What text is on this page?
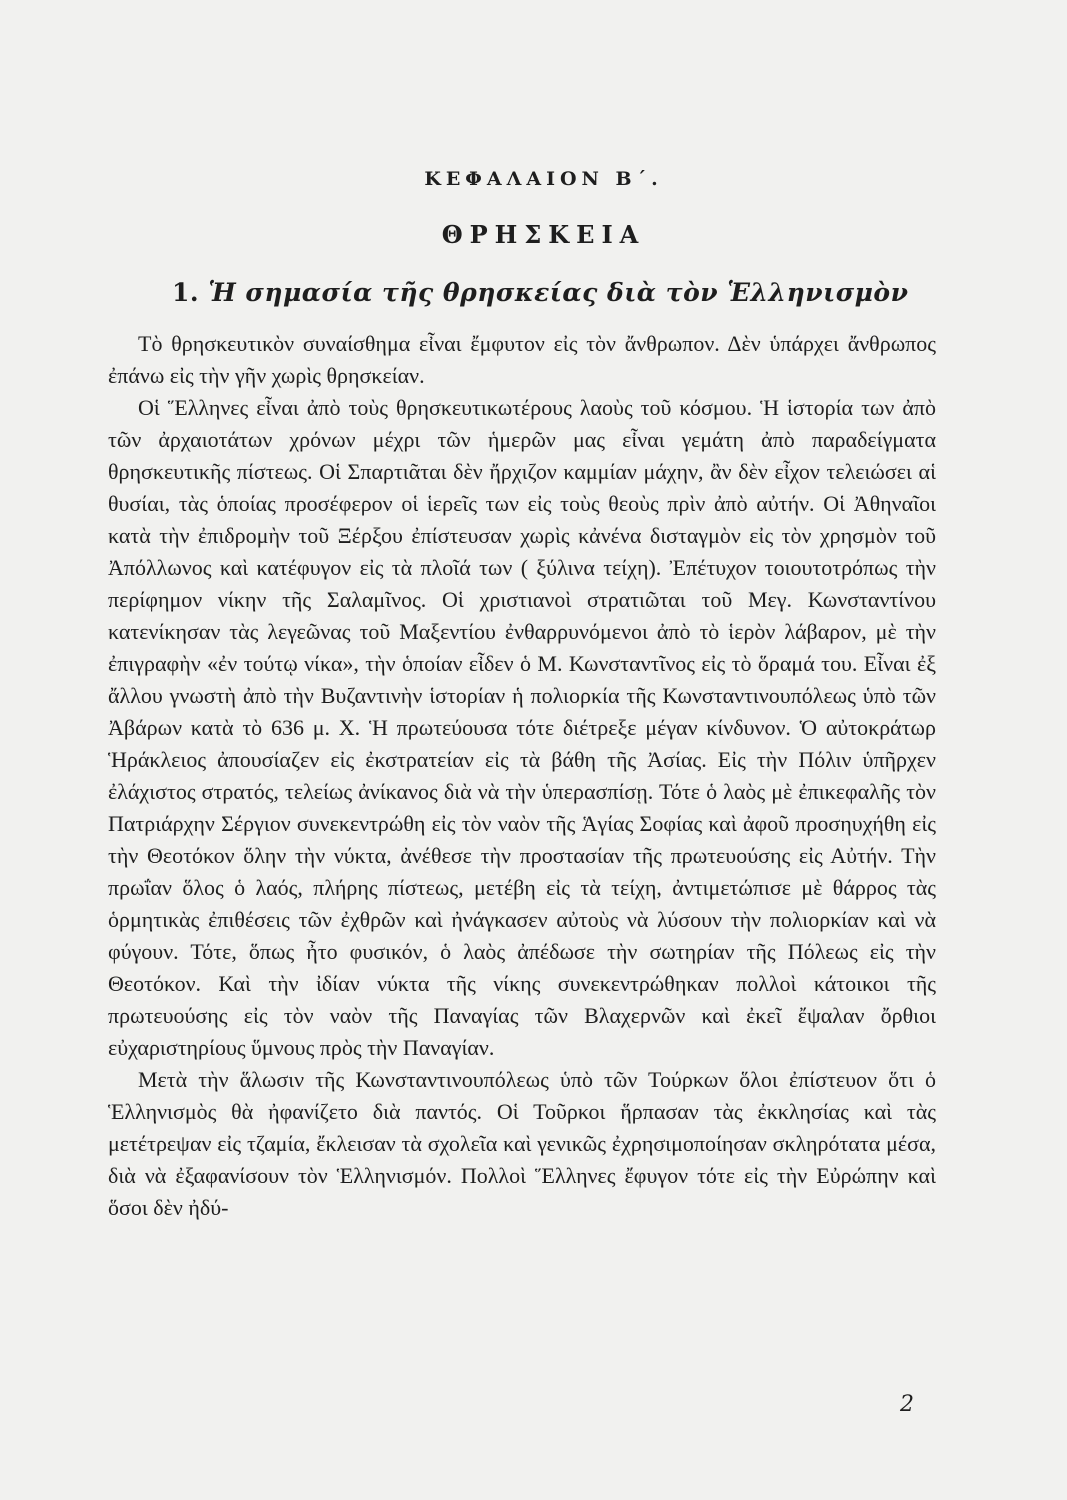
ΚΕΦΑΛΑΙΟΝ Β΄.
ΘΡΗΣΚΕΙΑ
1. Ἡ σημασία τῆς θρησκείας διὰ τὸν Ἑλληνισμὸν

Τὸ θρησκευτικὸν συναίσθημα εἶναι ἔμφυτον εἰς τὸν ἄνθρωπον. Δὲν ὑπάρχει ἄνθρωπος ἐπάνω εἰς τὴν γῆν χωρὶς θρησκείαν.

Οἱ Ἕλληνες εἶναι ἀπὸ τοὺς θρησκευτικωτέρους λαοὺς τοῦ κόσμου. Ἡ ἱστορία των ἀπὸ τῶν ἀρχαιοτάτων χρόνων μέχρι τῶν ἡμερῶν μας εἶναι γεμάτη ἀπὸ παραδείγματα θρησκευτικῆς πίστεως. Οἱ Σπαρτιᾶται δὲν ἤρχιζον καμμίαν μάχην, ἂν δὲν εἶχον τελειώσει αἱ θυσίαι, τὰς ὁποίας προσέφερον οἱ ἱερεῖς των εἰς τοὺς θεοὺς πρὶν ἀπὸ αὐτήν. Οἱ Ἀθηναῖοι κατὰ τὴν ἐπιδρομὴν τοῦ Ξέρξου ἐπίστευσαν χωρὶς κἀνένα δισταγμὸν εἰς τὸν χρησμὸν τοῦ Ἀπόλλωνος καὶ κατέφυγον εἰς τὰ πλοῖά των ( ξύλινα τείχη). Ἐπέτυχον τοιουτοτρόπως τὴν περίφημον νίκην τῆς Σαλαμῖνος. Οἱ χριστιανοὶ στρατιῶται τοῦ Μεγ. Κωνσταντίνου κατενίκησαν τὰς λεγεῶνας τοῦ Μαξεντίου ἐνθαρρυνόμενοι ἀπὸ τὸ ἱερὸν λάβαρον, μὲ τὴν ἐπιγραφὴν «ἐν τούτῳ νίκα», τὴν ὁποίαν εἶδεν ὁ Μ. Κωνσταντῖνος εἰς τὸ ὅραμά του. Εἶναι ἐξ ἄλλου γνωστὴ ἀπὸ τὴν Βυζαντινὴν ἱστορίαν ἡ πολιορκία τῆς Κωνσταντινουπόλεως ὑπὸ τῶν Ἀβάρων κατὰ τὸ 636 μ. Χ. Ἡ πρωτεύουσα τότε διέτρεξε μέγαν κίνδυνον. Ὁ αὐτοκράτωρ Ἡράκλειος ἀπουσίαζεν εἰς ἐκστρατείαν εἰς τὰ βάθη τῆς Ἀσίας. Εἰς τὴν Πόλιν ὑπῆρχεν ἐλάχιστος στρατός, τελείως ἀνίκανος διὰ νὰ τὴν ὑπερασπίσῃ. Τότε ὁ λαὸς μὲ ἐπικεφαλῆς τὸν Πατριάρχην Σέργιον συνεκεντρώθη εἰς τὸν ναὸν τῆς Ἁγίας Σοφίας καὶ ἀφοῦ προσηυχήθη εἰς τὴν Θεοτόκον ὅλην τὴν νύκτα, ἀνέθεσε τὴν προστασίαν τῆς πρωτευούσης εἰς Αὐτήν. Τὴν πρωΐαν ὅλος ὁ λαός, πλήρης πίστεως, μετέβη εἰς τὰ τείχη, ἀντιμετώπισε μὲ θάρρος τὰς ὁρμητικὰς ἐπιθέσεις τῶν ἐχθρῶν καὶ ἠνάγκασεν αὐτοὺς νὰ λύσουν τὴν πολιορκίαν καὶ νὰ φύγουν. Τότε, ὅπως ἦτο φυσικόν, ὁ λαὸς ἀπέδωσε τὴν σωτηρίαν τῆς Πόλεως εἰς τὴν Θεοτόκον. Καὶ τὴν ἰδίαν νύκτα τῆς νίκης συνεκεντρώθηκαν πολλοὶ κάτοικοι τῆς πρωτευούσης εἰς τὸν ναὸν τῆς Παναγίας τῶν Βλαχερνῶν καὶ ἐκεῖ ἔψαλαν ὄρθιοι εὐχαριστηρίους ὕμνους πρὸς τὴν Παναγίαν.

Μετὰ τὴν ἅλωσιν τῆς Κωνσταντινουπόλεως ὑπὸ τῶν Τούρκων ὅλοι ἐπίστευον ὅτι ὁ Ἑλληνισμὸς θὰ ἠφανίζετο διὰ παντός. Οἱ Τοῦρκοι ἥρπασαν τὰς ἐκκλησίας καὶ τὰς μετέτρεψαν εἰς τζαμία, ἔκλεισαν τὰ σχολεῖα καὶ γενικῶς ἐχρησιμοποίησαν σκληρότατα μέσα, διὰ νὰ ἐξαφανίσουν τὸν Ἑλληνισμόν. Πολλοὶ Ἕλληνες ἔφυγον τότε εἰς τὴν Εὐρώπην καὶ ὅσοι δὲν ἠδύ-

2
